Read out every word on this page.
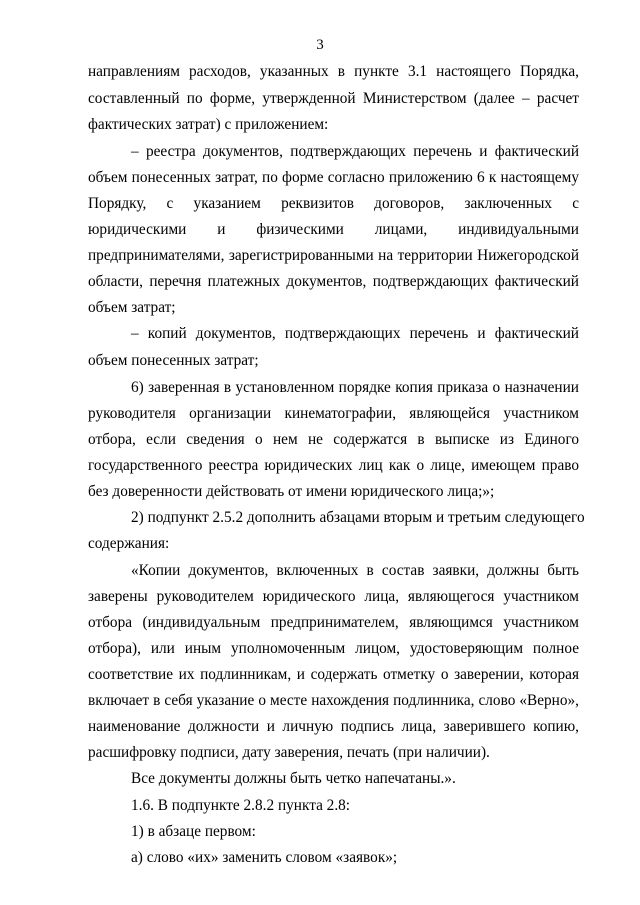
3
направлениям расходов, указанных в пункте 3.1 настоящего Порядка,
составленный по форме, утвержденной Министерством (далее – расчет
фактических затрат) с приложением:
– реестра документов, подтверждающих перечень и фактический
объем понесенных затрат, по форме согласно приложению 6 к настоящему
Порядку, с указанием реквизитов договоров, заключенных с
юридическими и физическими лицами, индивидуальными
предпринимателями, зарегистрированными на территории Нижегородской
области, перечня платежных документов, подтверждающих фактический
объем затрат;
– копий документов, подтверждающих перечень и фактический
объем понесенных затрат;
6) заверенная в установленном порядке копия приказа о назначении
руководителя организации кинематографии, являющейся участником
отбора, если сведения о нем не содержатся в выписке из Единого
государственного реестра юридических лиц как о лице, имеющем право
без доверенности действовать от имени юридического лица;»;
2) подпункт 2.5.2 дополнить абзацами вторым и третьим следующего
содержания:
«Копии документов, включенных в состав заявки, должны быть
заверены руководителем юридического лица, являющегося участником
отбора (индивидуальным предпринимателем, являющимся участником
отбора), или иным уполномоченным лицом, удостоверяющим полное
соответствие их подлинникам, и содержать отметку о заверении, которая
включает в себя указание о месте нахождения подлинника, слово «Верно»,
наименование должности и личную подпись лица, заверившего копию,
расшифровку подписи, дату заверения, печать (при наличии).
Все документы должны быть четко напечатаны.».
1.6. В подпункте 2.8.2 пункта 2.8:
1) в абзаце первом:
а) слово «их» заменить словом «заявок»;
